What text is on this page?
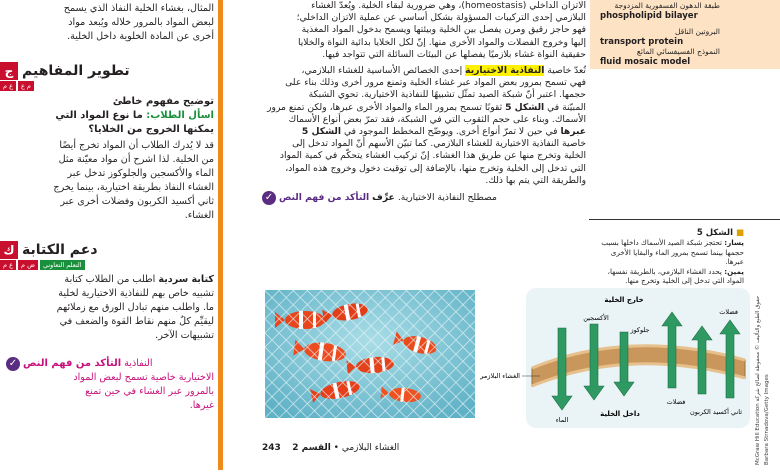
المثال، بغشاء الخلية النفاذ الذي يسمح
لبعض المواد بالمرور خلاله ويُبعد مواد
أخرى عن المادة الخلوية داخل الخلية.
ج تطوير المفاهيم
ع م	م ع
توضيح مفهوم خاطئ
اسأل الطلاب: ما نوع المواد التي
يمكنها الخروج من الخلايا؟
قد لا يُدرك الطلاب أن المواد تخرج أيضًا
من الخلية. لذا اشرح أن مواد معيّنة مثل
الماء والأكسجين والجلوكوز تدخل عبر
الغشاء النفاذ بطريقة اختيارية، بينما يخرج
ثاني أكسيد الكربون وفضلات أخرى عبر
الغشاء.
ك دعم الكتابة
ع م	ض م	التعلم التعاوني
كتابة سردية اطلب من الطلاب كتابة
تشبيه خاص بهم للنفاذية الاختيارية لخلية
ما. واطلب منهم تبادل الورق مع زملائهم
ليقيِّم كلٌ منهم نقاط القوة والضعف في
تشبيهات الآخر.
✓ التأكد من فهم النص النفاذية
الاختيارية خاصية تسمح لبعض المواد
بالمرور عبر الغشاء في حين تمنع
غيرها.
الاتزان الداخلي (homeostasis)، وهي ضرورية لبقاء الخلية. ويُعدّ الغشاء
البلازمي إحدى التركيبات المسؤولة بشكل أساسي عن عملية الاتزان الداخلي؛
فهو حاجز رقيق ومرن يفصل بين الخلية وبيئتها ويسمح بدخول المواد المغذية
إليها وخروج الفضلات والمواد الأخرى منها. إنّ لكل الخلايا بدائية النواة والخلايا
حقيقية النواة غشاء بلازميًا يفصلها عن البيئات السائلة التي تتواجد فيها.
تُعدّ خاصية النفاذية الاختيارية إحدى الخصائص الأساسية للغشاء البلازمي،
فهي تسمح بمرور بعض المواد عبر غشاء الخلية وتمنع مرور أخرى وذلك بناء على
حجمها. اعتبر أنّ شبكة الصيد تمثّل تشبيهًا للنفاذية الاختيارية. تحوي الشبكة
المبيّنة في الشكل 5 ثقوبًا تسمح بمرور الماء والمواد الأخرى عبرها، ولكن تمنع مرور
الأسماك. وبناء على حجم الثقوب التي في الشبكة، فقد تمرّ بعض أنواع الأسماك
عبرها في حين لا تمرّ أنواع أخرى. ويوضّح المخطط الموجود في الشكل 5
خاصية النفاذية الاختيارية للغشاء البلازمي. كما تبيّن الأسهم أنّ المواد تدخل إلى
الخلية وتخرج منها عن طريق هذا الغشاء. إنّ تركيب الغشاء يتحكّم في كمية المواد
التي تدخل إلى الخلية وتخرج منها، بالإضافة إلى توقيت دخول وخروج هذه المواد،
والطريقة التي يتم بها ذلك.
✓ التأكد من فهم النص عرِّف مصطلح النفاذية الاختيارية.
طبقة الدهون الفسفورية المزدوجة
phospholipid bilayer
البروتين الناقل
transport protein
النموذج الفسيفسائي المائع
fluid mosaic model
■ الشكل 5
يسار: تحتجز شبكة الصيد الأسماك داخلها بسبب حجمها بينما تسمح بمرور الماء والبقايا الأخرى عبرها.
يمين: يحدد الغشاء البلازمي، بالطريقة نفسها، المواد التي تدخل إلى الخلية وتخرج منها.
خارج الخلية
الأكسجين
جلوكوز
فضلات
الماء
داخل الخلية
فضلات
ثاني أكسيد الكربون
الغشاء البلازمي
McGraw Hill Education حقوق الطبع والتأليف © محفوظة لصالح شركة
Barbara Strnadova/Getty Images
243	الغشاء البلازمي • القسم 2
